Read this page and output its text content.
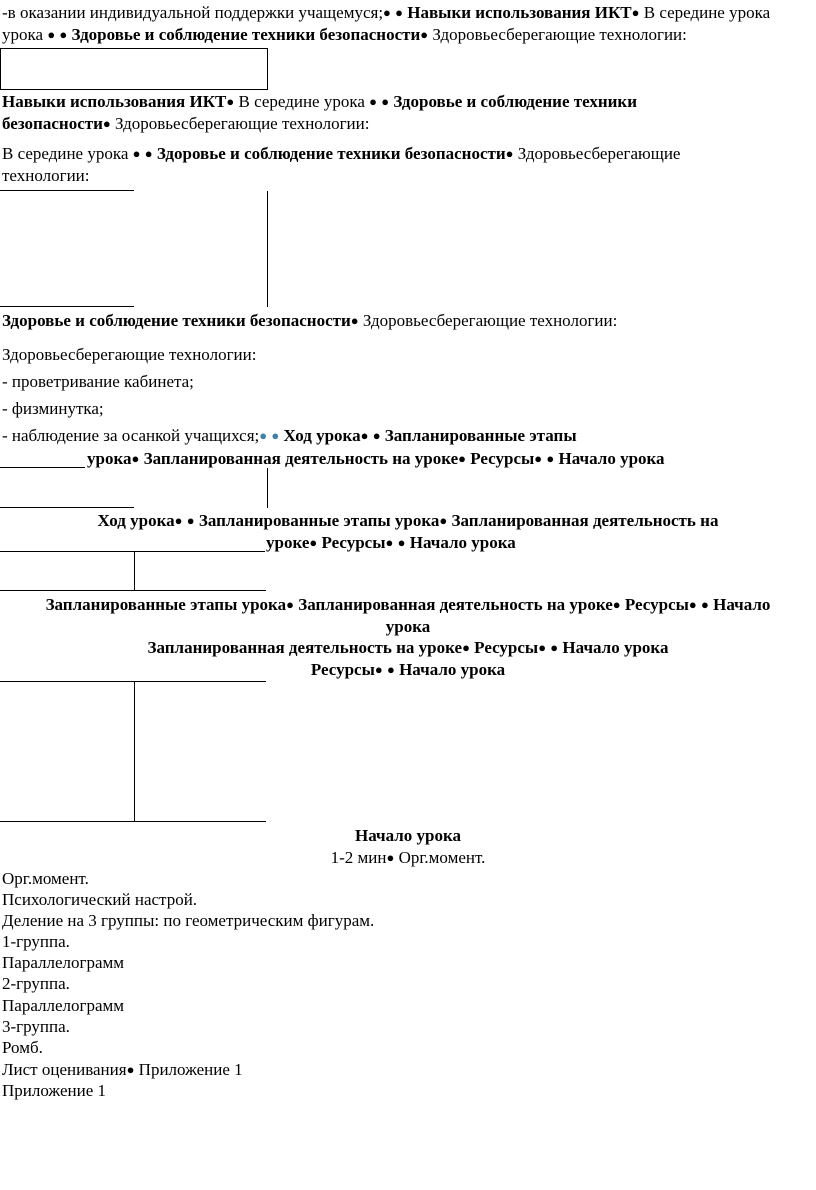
-в оказании индивидуальной поддержки учащемуся;● ● Навыки использования ИКТ● В середине урока

урока ● ● Здоровье и соблюдение техники безопасности● Здоровьесберегающие технологии:

Навыки использования ИКТ● В середине урока ● ● Здоровье и соблюдение техники

безопасности● Здоровьесберегающие технологии:

В середине урока ● ● Здоровье и соблюдение техники безопасности● Здоровьесберегающие

технологии:

Здоровье и соблюдение техники безопасности● Здоровьесберегающие технологии:

Здоровьесберегающие технологии:

- проветривание кабинета;

- физминутка;

- наблюдение за осанкой учащихся;● ● Ход урока● ● Запланированные этапы

урока● Запланированная деятельность на уроке● Ресурсы● ● Начало урока

Ход урока● ● Запланированные этапы урока● Запланированная деятельность на

уроке● Ресурсы● ● Начало урока

Запланированные этапы урока● Запланированная деятельность на уроке● Ресурсы● ● Начало

урока

Запланированная деятельность на уроке● Ресурсы● ● Начало урока

Ресурсы● ● Начало урока

Начало урока

1-2 мин● Орг.момент.

Орг.момент.

Психологический настрой.

Деление на 3 группы: по геометрическим фигурам.

1-группа.

Параллелограмм

2-группа.

Параллелограмм

3-группа.

Ромб.

Лист оценивания● Приложение 1

Приложение 1
